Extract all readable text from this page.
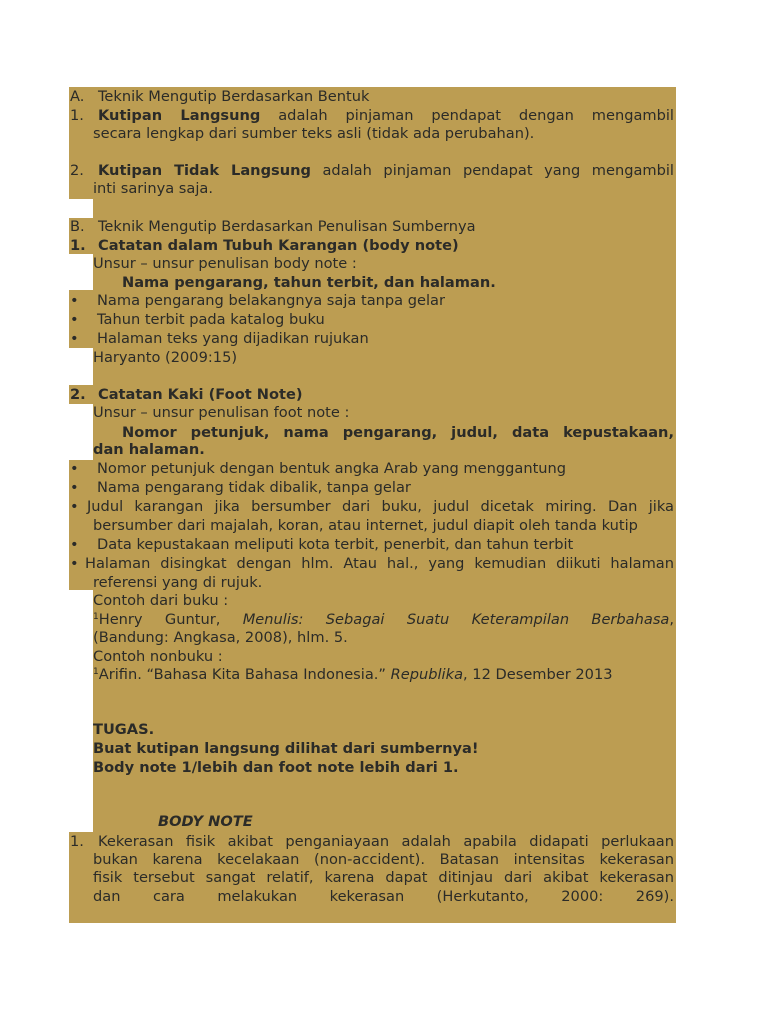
A. Teknik Mengutip Berdasarkan Bentuk
1. Kutipan Langsung adalah pinjaman pendapat dengan mengambil
secara lengkap dari sumber teks asli (tidak ada perubahan).
2. Kutipan Tidak Langsung adalah pinjaman pendapat yang mengambil
inti sarinya saja.
B. Teknik Mengutip Berdasarkan Penulisan Sumbernya
1. Catatan dalam Tubuh Karangan (body note)
Unsur – unsur penulisan body note :
Nama pengarang, tahun terbit, dan halaman.
• Nama pengarang belakangnya saja tanpa gelar
• Tahun terbit pada katalog buku
• Halaman teks yang dijadikan rujukan
Haryanto (2009:15)
2. Catatan Kaki (Foot Note)
Unsur – unsur penulisan foot note :
Nomor petunjuk, nama pengarang, judul, data kepustakaan,
dan halaman.
• Nomor petunjuk dengan bentuk angka Arab yang menggantung
• Nama pengarang tidak dibalik, tanpa gelar
• Judul karangan jika bersumber dari buku, judul dicetak miring. Dan jika
bersumber dari majalah, koran, atau internet, judul diapit oleh tanda kutip
• Data kepustakaan meliputi kota terbit, penerbit, dan tahun terbit
• Halaman disingkat dengan hlm. Atau hal., yang kemudian diikuti halaman
referensi yang di rujuk.
Contoh dari buku :
$^1$Henry Guntur, Menulis: Sebagai Suatu Keterampilan Berbahasa,
(Bandung: Angkasa, 2008), hlm. 5.
Contoh nonbuku :
$^1$Arifin. “Bahasa Kita Bahasa Indonesia.” Republika, 12 Desember 2013
TUGAS.
Buat kutipan langsung dilihat dari sumbernya!
Body note 1/lebih dan foot note lebih dari 1.
BODY NOTE
1. Kekerasan fisik akibat penganiayaan adalah apabila didapati perlukaan
bukan karena kecelakaan (non-accident). Batasan intensitas kekerasan
fisik tersebut sangat relatif, karena dapat ditinjau dari akibat kekerasan
dan cara melakukan kekerasan (Herkutanto, 2000: 269).
